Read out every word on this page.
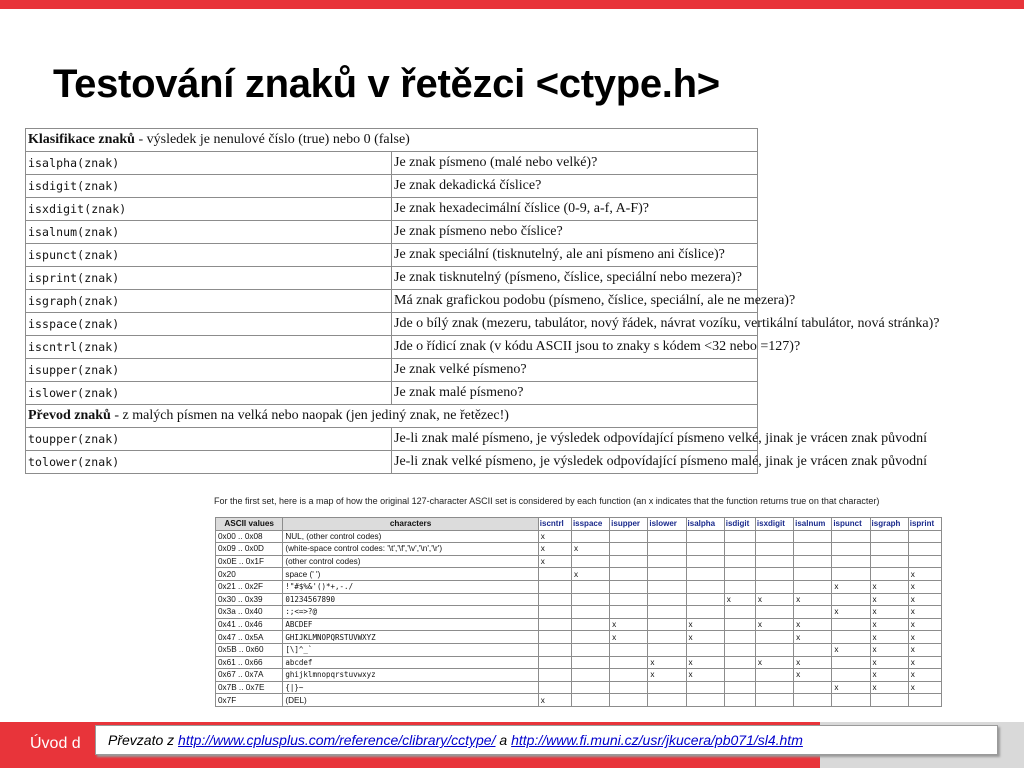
Testování znaků v řetězci <ctype.h>
Klasifikace znaků - výsledek je nenulové číslo (true) nebo 0 (false)	
isalpha(znak)	Je znak písmeno (malé nebo velké)?
isdigit(znak)	Je znak dekadická číslice?
isxdigit(znak)	Je znak hexadecimální číslice (0-9, a-f, A-F)?
isalnum(znak)	Je znak písmeno nebo číslice?
ispunct(znak)	Je znak speciální (tisknutelný, ale ani písmeno ani číslice)?
isprint(znak)	Je znak tisknutelný (písmeno, číslice, speciální nebo mezera)?
isgraph(znak)	Má znak grafickou podobu (písmeno, číslice, speciální, ale ne mezera)?
isspace(znak)	Jde o bílý znak (mezeru, tabulátor, nový řádek, návrat vozíku, vertikální tabulátor, nová stránka)?
iscntrl(znak)	Jde o řídicí znak (v kódu ASCII jsou to znaky s kódem <32 nebo =127)?
isupper(znak)	Je znak velké písmeno?
islower(znak)	Je znak malé písmeno?
Převod znaků - z malých písmen na velká nebo naopak (jen jediný znak, ne řetězec!)	
toupper(znak)	Je-li znak malé písmeno, je výsledek odpovídající písmeno velké, jinak je vrácen znak původní
tolower(znak)	Je-li znak velké písmeno, je výsledek odpovídající písmeno malé, jinak je vrácen znak původní

For the first set, here is a map of how the original 127-character ASCII set is considered by each function (an x indicates that the function returns true on that character)

ASCII values	characters	iscntrl	isspace	isupper	islower	isalpha	isdigit	isxdigit	isalnum	ispunct	isgraph	isprint
0x00 .. 0x08	NUL, (other control codes)	x										
0x09 .. 0x0D	(white-space control codes: '\t','\f','\v','\n','\r')	x	x									
0x0E .. 0x1F	(other control codes)	x										
0x20	space (' ')		x									x
0x21 .. 0x2F	!"#$%&'()*+,-./									x	x	x
0x30 .. 0x39	01234567890						x	x	x		x	x
0x3a .. 0x40	:;<=>?@									x	x	x
0x41 .. 0x46	ABCDEF			x		x		x	x		x	x
0x47 .. 0x5A	GHIJKLMNOPQRSTUVWXYZ			x		x			x		x	x
0x5B .. 0x60	[\]^_`									x	x	x
0x61 .. 0x66	abcdef				x	x		x	x		x	x
0x67 .. 0x7A	ghijklmnopqrstuvwxyz				x	x			x		x	x
0x7B .. 0x7E	{|}~									x	x	x
0x7F	(DEL)	x										

Úvod d	Převzato z http://www.cplusplus.com/reference/clibrary/cctype/ a http://www.fi.muni.cz/usr/jkucera/pb071/sl4.htm
